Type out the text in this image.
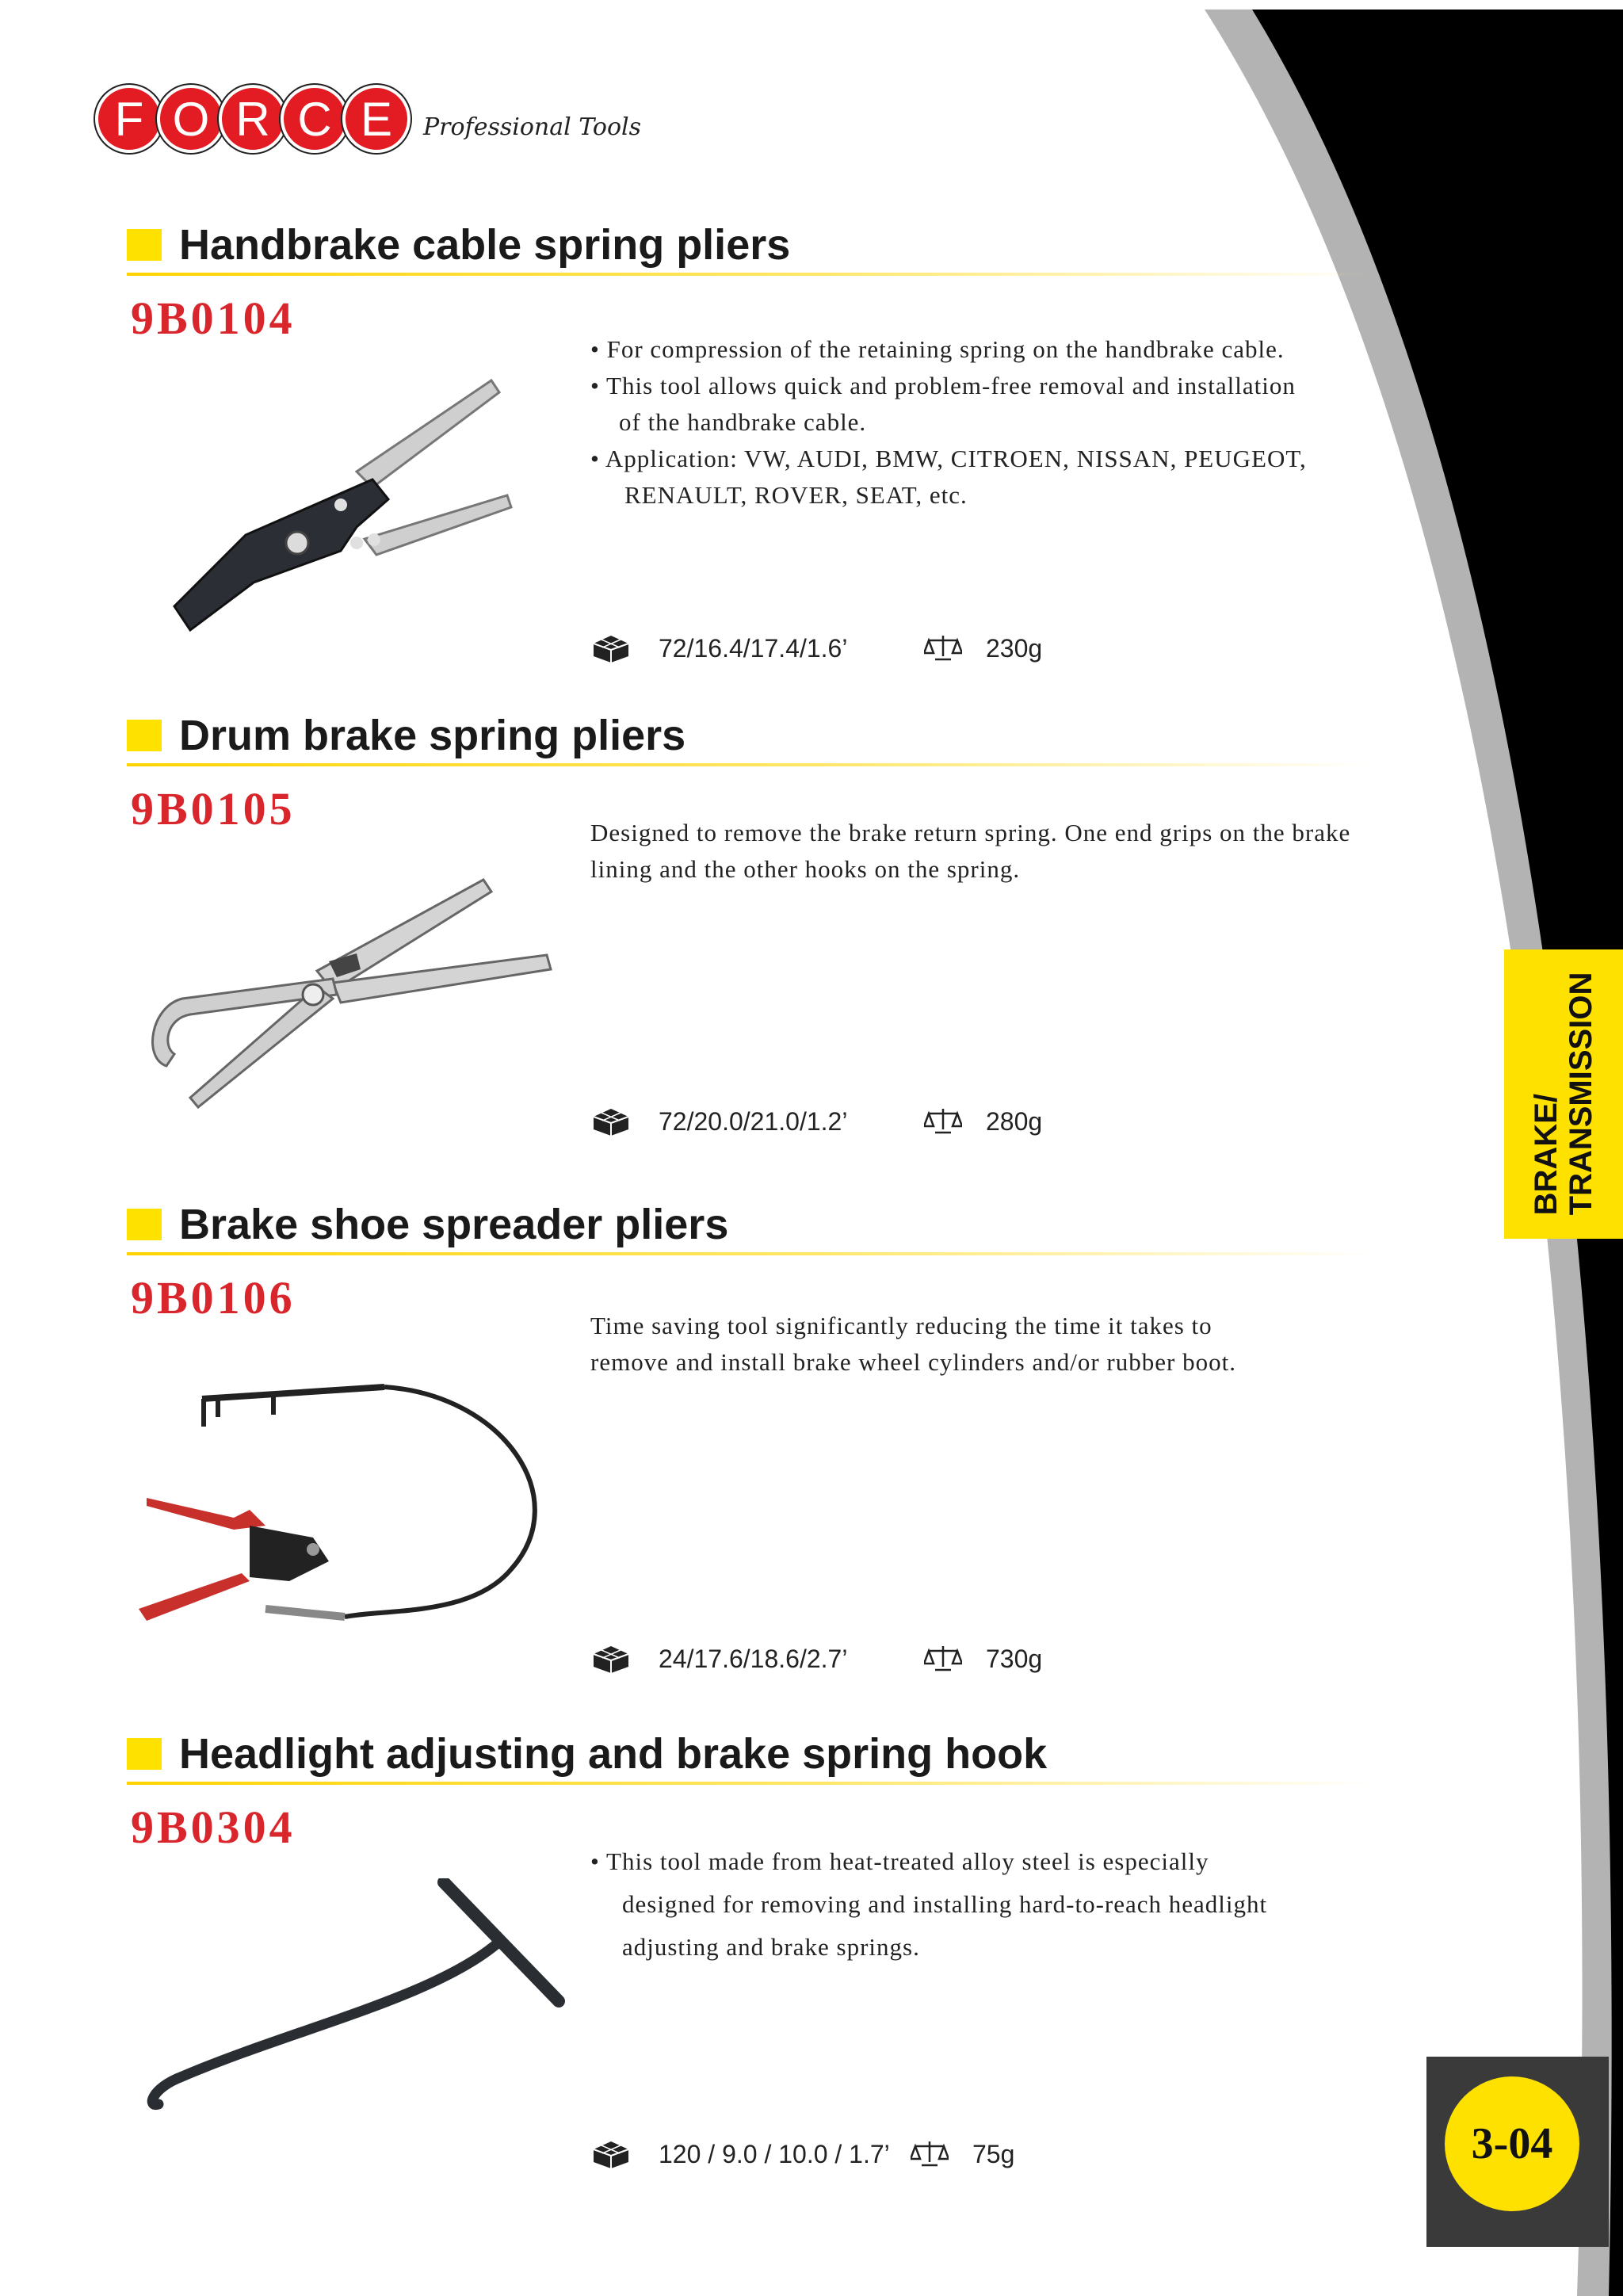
F O R C E	Professional Tools
Handbrake cable spring pliers
9B0104
• For compression of the retaining spring on the handbrake cable.
• This tool allows quick and problem-free removal and installation
of the handbrake cable.
• Application: VW, AUDI, BMW, CITROEN, NISSAN, PEUGEOT,
RENAULT, ROVER, SEAT, etc.
72/16.4/17.4/1.6’	230g
Drum brake spring pliers
9B0105	Designed to remove the brake return spring. One end grips on the brake
lining and the other hooks on the spring.
72/20.0/21.0/1.2’	280g
Brake shoe spreader pliers
9B0106
Time saving tool significantly reducing the time it takes to
remove and install brake wheel cylinders and/or rubber boot.
24/17.6/18.6/2.7’	730g
Headlight adjusting and brake spring hook
9B0304
• This tool made from heat-treated alloy steel is especially
designed for removing and installing hard-to-reach headlight
adjusting and brake springs.
120 / 9.0 / 10.0 / 1.7’	75g
BRAKE/ TRANSMISSION
3-04
